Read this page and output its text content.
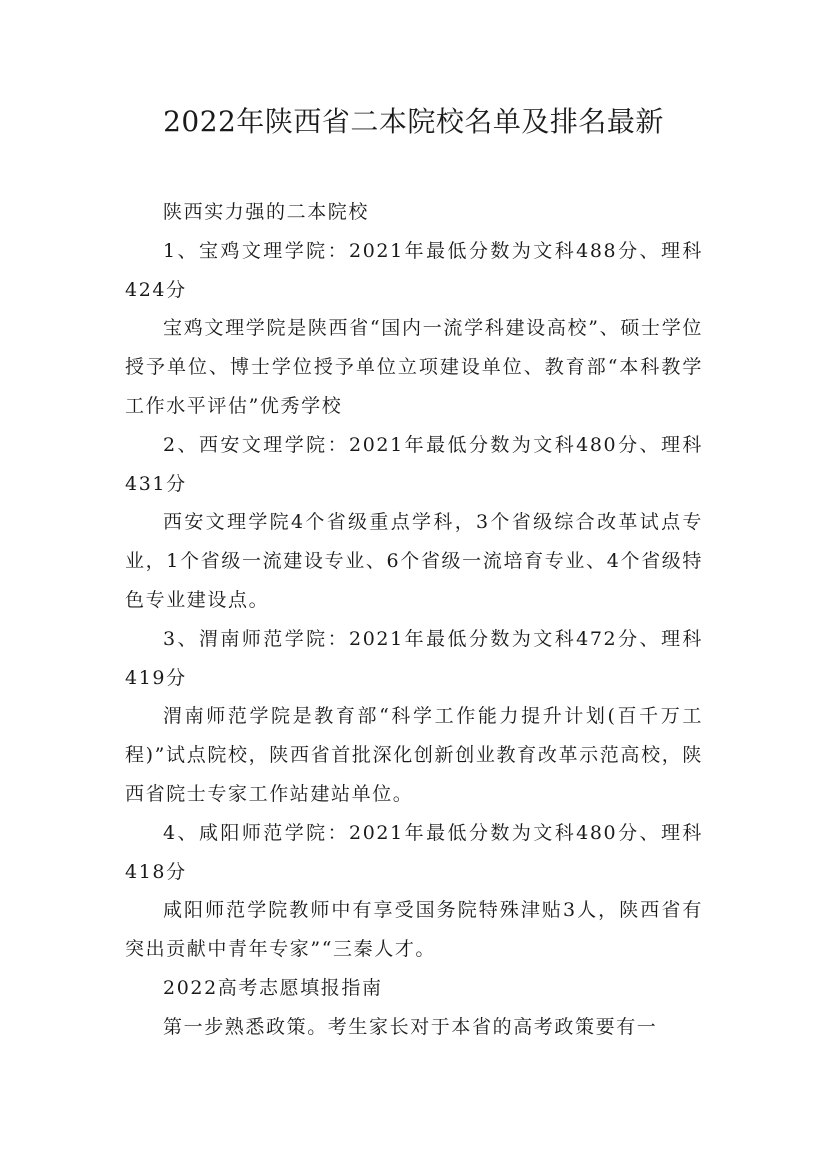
2022年陕西省二本院校名单及排名最新

陕西实力强的二本院校

1、宝鸡文理学院：2021年最低分数为文科488分、理科424分

宝鸡文理学院是陕西省“国内一流学科建设高校”、硕士学位授予单位、博士学位授予单位立项建设单位、教育部“本科教学工作水平评估”优秀学校

2、西安文理学院：2021年最低分数为文科480分、理科431分

西安文理学院4个省级重点学科，3个省级综合改革试点专业，1个省级一流建设专业、6个省级一流培育专业、4个省级特色专业建设点。

3、渭南师范学院：2021年最低分数为文科472分、理科419分

渭南师范学院是教育部“科学工作能力提升计划(百千万工程)”试点院校，陕西省首批深化创新创业教育改革示范高校，陕西省院士专家工作站建站单位。

4、咸阳师范学院：2021年最低分数为文科480分、理科418分

咸阳师范学院教师中有享受国务院特殊津贴3人，陕西省有突出贡献中青年专家”“三秦人才。

2022高考志愿填报指南

第一步熟悉政策。考生家长对于本省的高考政策要有一
